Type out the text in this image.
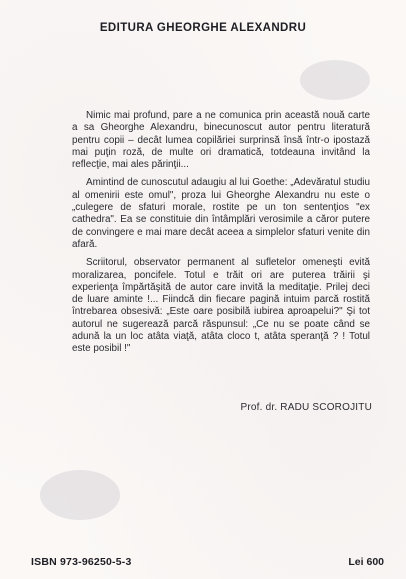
EDITURA GHEORGHE ALEXANDRU

Nimic mai profund, pare a ne comunica prin această nouă carte a sa Gheorghe Alexandru, binecunoscut autor pentru literatură pentru copii – decât lumea copilăriei surprinsă însă într-o ipostază mai puţin roză, de multe ori dramatică, totdeauna invitând la reflecţie, mai ales părinţii...

Amintind de cunoscutul adaugiu al lui Goethe: „Adevăratul studiu al omenirii este omul", proza lui Gheorghe Alexandru nu este o „culegere de sfaturi morale, rostite pe un ton sentenţios "ex cathedra". Ea se constituie din întâmplări verosimile a căror putere de convingere e mai mare decât aceea a simplelor sfaturi venite din afară.

Scriitorul, observator permanent al sufletelor omeneşti evită moralizarea, poncifele. Totul e trăit ori are puterea trăirii şi experienţa împărtăşită de autor care invită la meditaţie. Prilej deci de luare aminte !... Fiindcă din fiecare pagină intuim parcă rostită întrebarea obsesivă: „Este oare posibilă iubirea aproapelui?" Şi tot autorul ne sugerează parcă răspunsul: „Ce nu se poate când se adună la un loc atâta viaţă, atâta cloco t, atâta speranţă ? ! Totul este posibil !"

Prof. dr. RADU SCOROJITU
ISBN 973-96250-5-3	Lei 600
